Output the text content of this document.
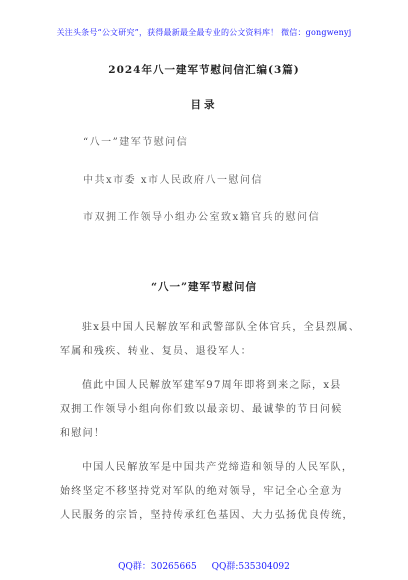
关注头条号“公文研究”，获得最新最全最专业的公文资料库！ 微信：gongwenyj
2024年八一建军节慰问信汇编(3篇)
目录
“八一”建军节慰问信
中共x市委 x市人民政府八一慰问信
市双拥工作领导小组办公室致x籍官兵的慰问信
“八一”建军节慰问信
驻x县中国人民解放军和武警部队全体官兵，全县烈属、
军属和残疾、转业、复员、退役军人：
值此中国人民解放军建军97周年即将到来之际，x县
双拥工作领导小组向你们致以最亲切、最诚挚的节日问候
和慰问！
中国人民解放军是中国共产党缔造和领导的人民军队，
始终坚定不移坚持党对军队的绝对领导，牢记全心全意为
人民服务的宗旨，坚持传承红色基因、大力弘扬优良传统，
QQ群：30265665 QQ群:535304092
